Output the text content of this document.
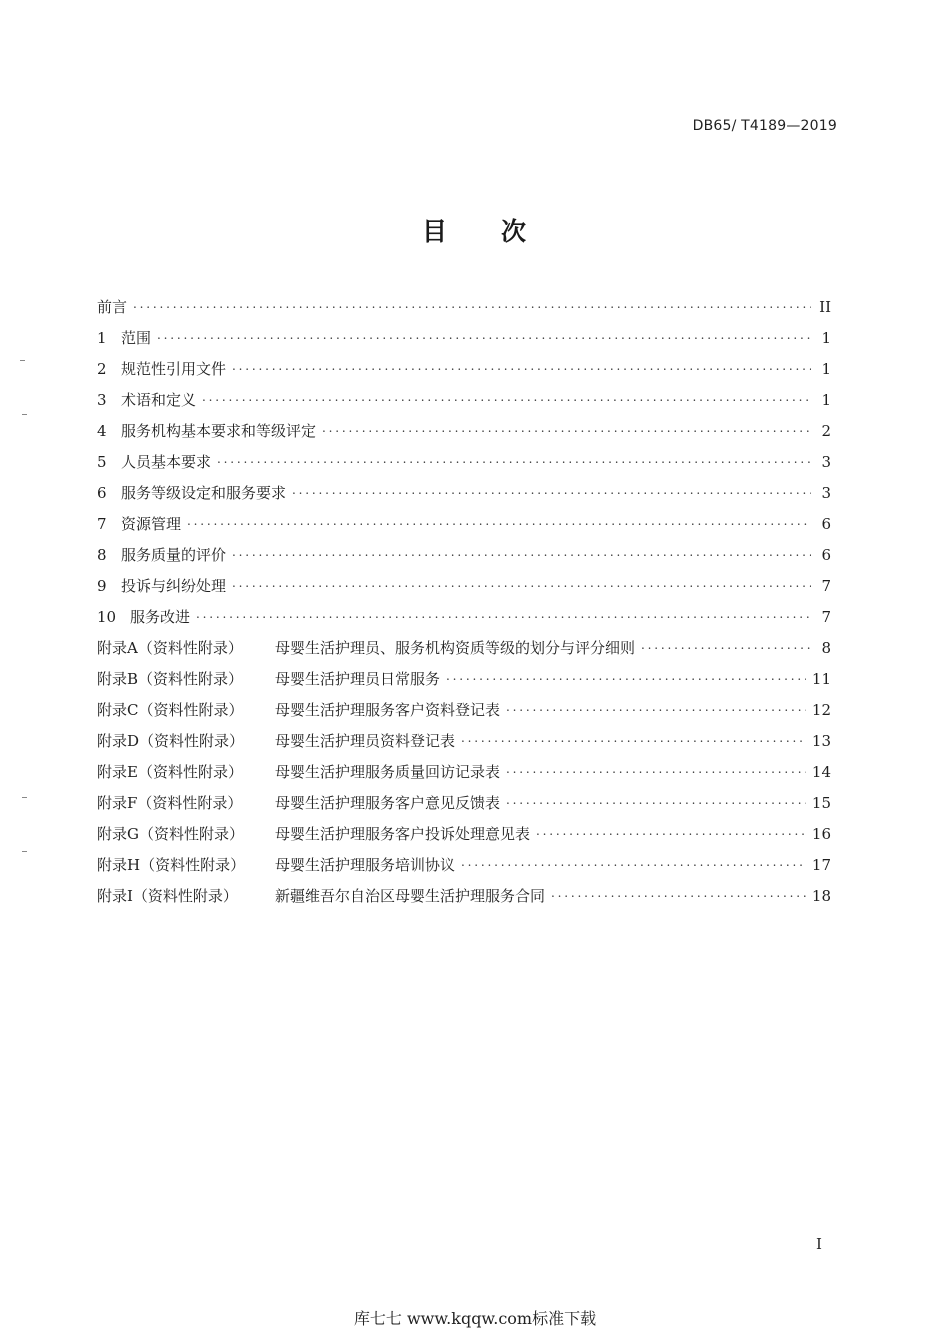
DB65/ T4189—2019
目 次
前言 . . .	II
1 范围 . . .	1
2 规范性引用文件 . . .	1
3 术语和定义 . . .	1
4 服务机构基本要求和等级评定 . . .	2
5 人员基本要求 . . .	3
6 服务等级设定和服务要求 . . .	3
7 资源管理 . . .	6
8 服务质量的评价 . . .	6
9 投诉与纠纷处理 . . .	7
10 服务改进 . . .	7
附录A（资料性附录）	母婴生活护理员、服务机构资质等级的划分与评分细则 . . .	8
附录B（资料性附录）	母婴生活护理员日常服务 . . .	11
附录C（资料性附录）	母婴生活护理服务客户资料登记表 . . .	12
附录D（资料性附录）	母婴生活护理员资料登记表 . . .	13
附录E（资料性附录）	母婴生活护理服务质量回访记录表 . . .	14
附录F（资料性附录）	母婴生活护理服务客户意见反馈表 . . .	15
附录G（资料性附录）	母婴生活护理服务客户投诉处理意见表 . . .	16
附录H（资料性附录）	母婴生活护理服务培训协议 . . .	17
附录I（资料性附录）	新疆维吾尔自治区母婴生活护理服务合同 . . .	18
I
库七七 www.kqqw.com标准下载
